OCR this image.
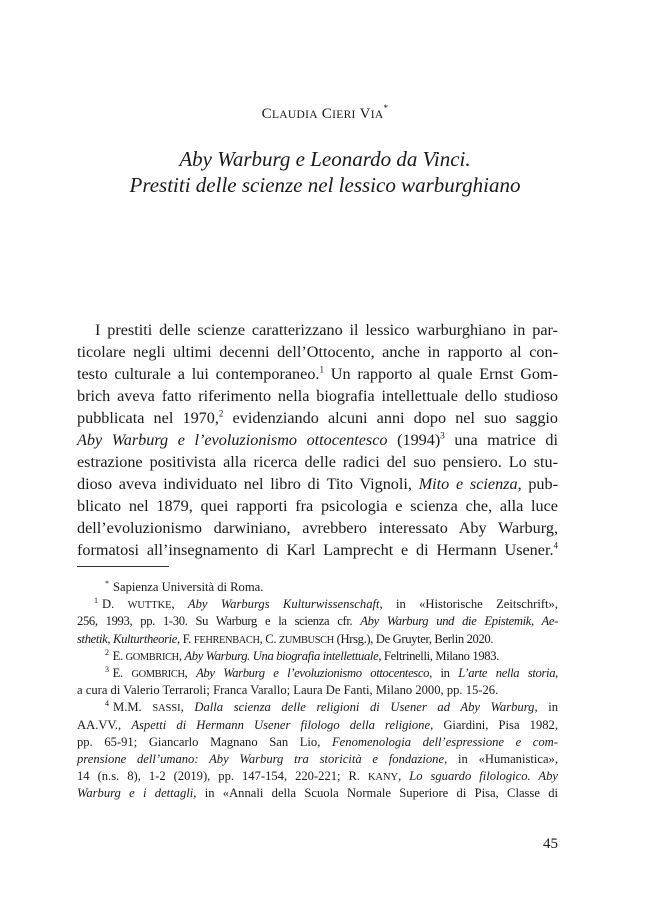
CLAUDIA CIERI VIA*
Aby Warburg e Leonardo da Vinci.
Prestiti delle scienze nel lessico warburghiano
I prestiti delle scienze caratterizzano il lessico warburghiano in par-
ticolare negli ultimi decenni dell’Ottocento, anche in rapporto al con-
testo culturale a lui contemporaneo.$^1$ Un rapporto al quale Ernst Gom-
brich aveva fatto riferimento nella biografia intellettuale dello studioso
pubblicata nel 1970,$^2$ evidenziando alcuni anni dopo nel suo saggio
Aby Warburg e l’evoluzionismo ottocentesco $(1994)^3$ una matrice di
estrazione positivista alla ricerca delle radici del suo pensiero. Lo stu-
dioso aveva individuato nel libro di Tito Vignoli, Mito e scienza, pub-
blicato nel 1879, quei rapporti fra psicologia e scienza che, alla luce
dell’evoluzionismo darwiniano, avrebbero interessato Aby Warburg,
formatosi all’insegnamento di Karl Lamprecht e di Hermann Usener.$^4$
* Sapienza Università di Roma.
$^1$ D. WUTTKE, Aby Warburgs Kulturwissenschaft, in «Historische Zeitschrift»,
256, 1993, pp. 1-30. Su Warburg e la scienza cfr. Aby Warburg und die Epistemik, Ae-
sthetik, Kulturtheorie, F. FEHRENBACH, C. ZUMBUSCH (Hrsg.), De Gruyter, Berlin 2020.
$^2$ E. GOMBRICH, Aby Warburg. Una biografia intellettuale, Feltrinelli, Milano 1983.
$^3$ E. GOMBRICH, Aby Warburg e l’evoluzionismo ottocentesco, in L’arte nella storia,
a cura di Valerio Terraroli; Franca Varallo; Laura De Fanti, Milano 2000, pp. 15-26.
$^4$ M.M. SASSI, Dalla scienza delle religioni di Usener ad Aby Warburg, in
AA.VV., Aspetti di Hermann Usener filologo della religione, Giardini, Pisa 1982,
pp. 65-91; Giancarlo Magnano San Lio, Fenomenologia dell’espressione e com-
prensione dell’umano: Aby Warburg tra storicità e fondazione, in «Humanistica»,
14 (n.s. 8), 1-2 (2019), pp. 147-154, 220-221; R. KANY, Lo sguardo filologico. Aby
Warburg e i dettagli, in «Annali della Scuola Normale Superiore di Pisa, Classe di
45
